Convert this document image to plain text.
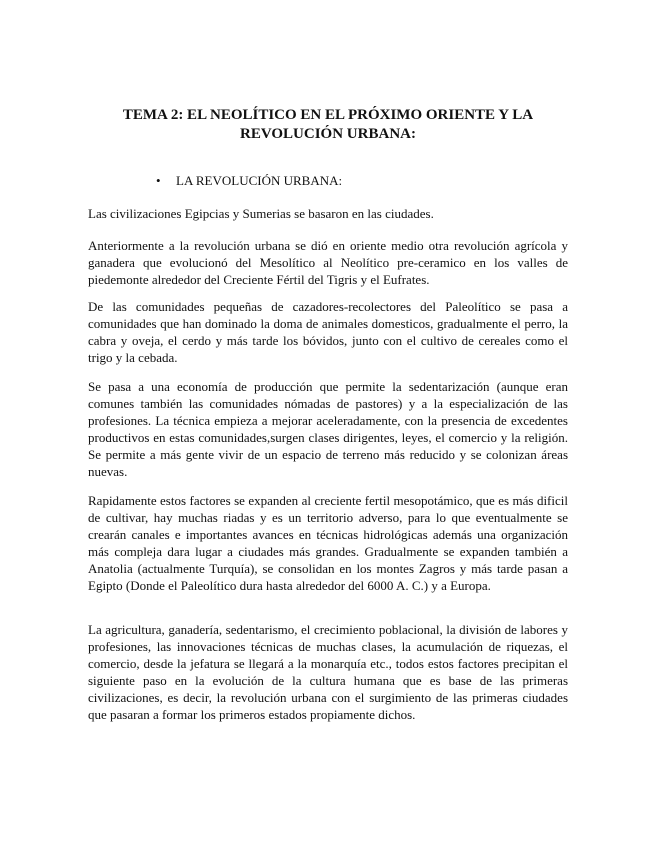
TEMA 2: EL NEOLÍTICO EN EL PRÓXIMO ORIENTE Y LA REVOLUCIÓN URBANA:

• LA REVOLUCIÓN URBANA:

Las civilizaciones Egipcias y Sumerias se basaron en las ciudades.

Anteriormente a la revolución urbana se dió en oriente medio otra revolución agrícola y ganadera que evolucionó del Mesolítico al Neolítico pre-ceramico en los valles de piedemonte alrededor del Creciente Fértil del Tigris y el Eufrates.

De las comunidades pequeñas de cazadores-recolectores del Paleolítico se pasa a comunidades que han dominado la doma de animales domesticos, gradualmente el perro, la cabra y oveja, el cerdo y más tarde los bóvidos, junto con el cultivo de cereales como el trigo y la cebada.

Se pasa a una economía de producción que permite la sedentarización (aunque eran comunes también las comunidades nómadas de pastores) y a la especialización de las profesiones. La técnica empieza a mejorar aceleradamente, con la presencia de excedentes productivos en estas comunidades,surgen clases dirigentes, leyes, el comercio y la religión. Se permite a más gente vivir de un espacio de terreno más reducido y se colonizan áreas nuevas.

Rapidamente estos factores se expanden al creciente fertil mesopotámico, que es más dificil de cultivar, hay muchas riadas y es un territorio adverso, para lo que eventualmente se crearán canales e importantes avances en técnicas hidrológicas además una organización más compleja dara lugar a ciudades más grandes. Gradualmente se expanden también a Anatolia (actualmente Turquía), se consolidan en los montes Zagros y más tarde pasan a Egipto (Donde el Paleolítico dura hasta alrededor del 6000 A. C.) y a Europa.

La agricultura, ganadería, sedentarismo, el crecimiento poblacional, la división de labores y profesiones, las innovaciones técnicas de muchas clases, la acumulación de riquezas, el comercio, desde la jefatura se llegará a la monarquía etc., todos estos factores precipitan el siguiente paso en la evolución de la cultura humana que es base de las primeras civilizaciones, es decir, la revolución urbana con el surgimiento de las primeras ciudades que pasaran a formar los primeros estados propiamente dichos.
